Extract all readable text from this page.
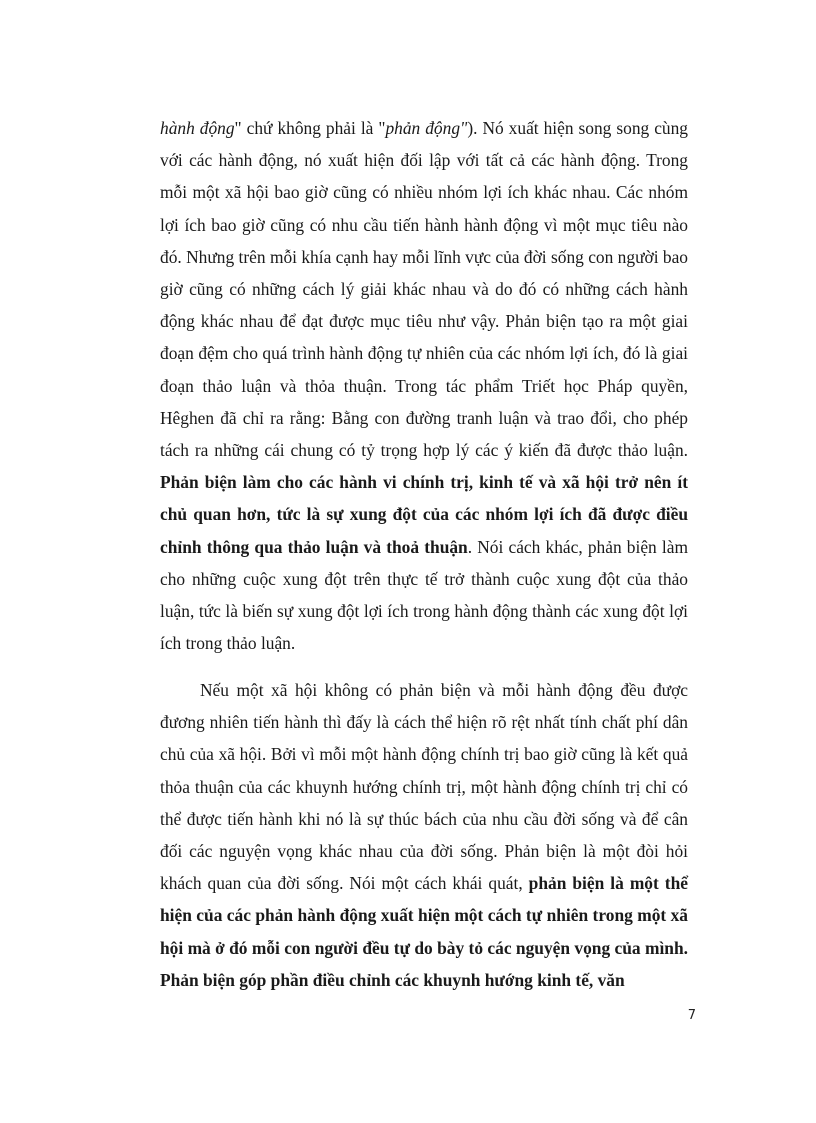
hành động" chứ không phải là "phản động"). Nó xuất hiện song song cùng với các hành động, nó xuất hiện đối lập với tất cả các hành động. Trong mỗi một xã hội bao giờ cũng có nhiều nhóm lợi ích khác nhau. Các nhóm lợi ích bao giờ cũng có nhu cầu tiến hành hành động vì một mục tiêu nào đó. Nhưng trên mỗi khía cạnh hay mỗi lĩnh vực của đời sống con người bao giờ cũng có những cách lý giải khác nhau và do đó có những cách hành động khác nhau để đạt được mục tiêu như vậy. Phản biện tạo ra một giai đoạn đệm cho quá trình hành động tự nhiên của các nhóm lợi ích, đó là giai đoạn thảo luận và thỏa thuận. Trong tác phẩm Triết học Pháp quyền, Hêghen đã chỉ ra rằng: Bằng con đường tranh luận và trao đổi, cho phép tách ra những cái chung có tỷ trọng hợp lý các ý kiến đã được thảo luận. Phản biện làm cho các hành vi chính trị, kinh tế và xã hội trở nên ít chủ quan hơn, tức là sự xung đột của các nhóm lợi ích đã được điều chỉnh thông qua thảo luận và thoả thuận. Nói cách khác, phản biện làm cho những cuộc xung đột trên thực tế trở thành cuộc xung đột của thảo luận, tức là biến sự xung đột lợi ích trong hành động thành các xung đột lợi ích trong thảo luận.

Nếu một xã hội không có phản biện và mỗi hành động đều được đương nhiên tiến hành thì đấy là cách thể hiện rõ rệt nhất tính chất phí dân chủ của xã hội. Bởi vì mỗi một hành động chính trị bao giờ cũng là kết quả thỏa thuận của các khuynh hướng chính trị, một hành động chính trị chỉ có thể được tiến hành khi nó là sự thúc bách của nhu cầu đời sống và để cân đối các nguyện vọng khác nhau của đời sống. Phản biện là một đòi hỏi khách quan của đời sống. Nói một cách khái quát, phản biện là một thể hiện của các phản hành động xuất hiện một cách tự nhiên trong một xã hội mà ở đó mỗi con người đều tự do bày tỏ các nguyện vọng của mình. Phản biện góp phần điều chỉnh các khuynh hướng kinh tế, văn

7
